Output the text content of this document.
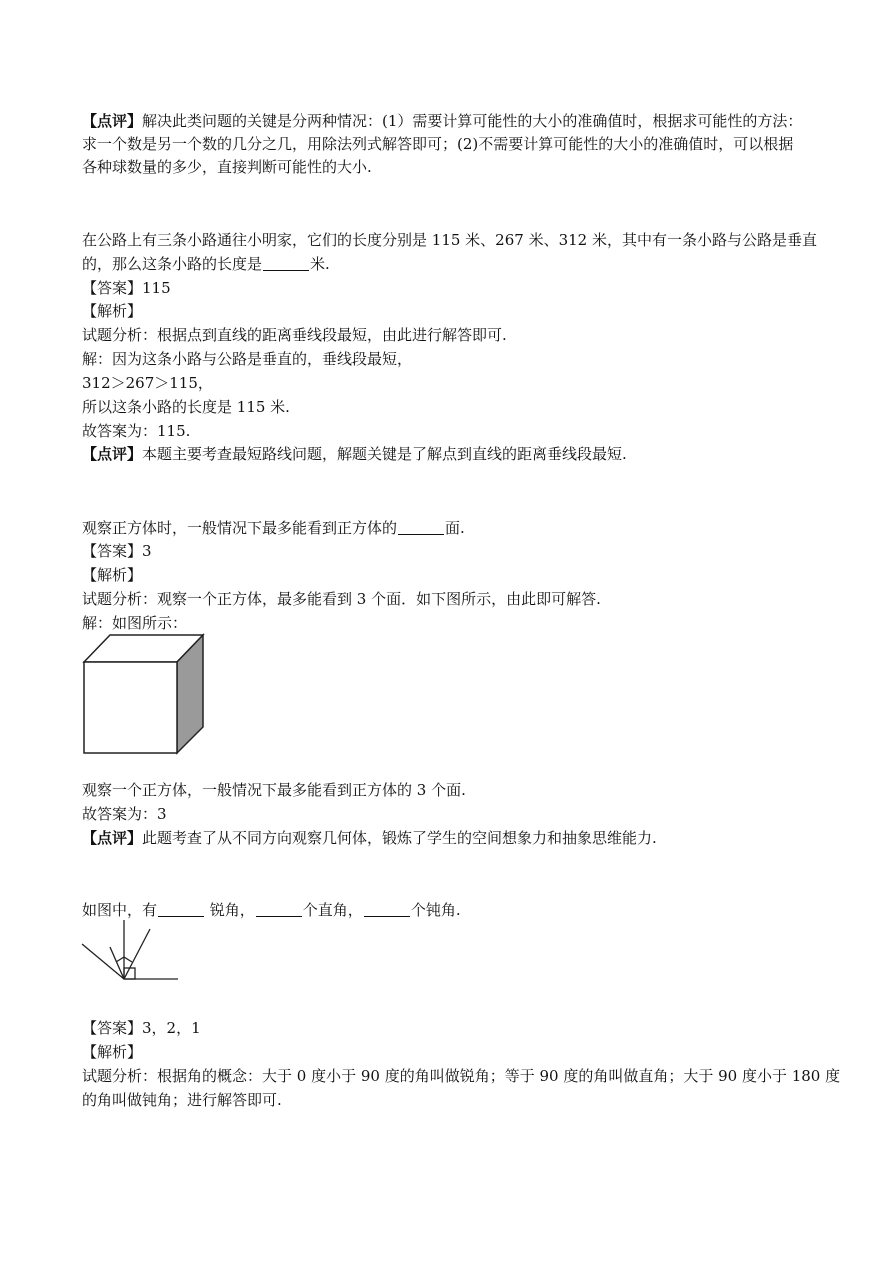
【点评】解决此类问题的关键是分两种情况：(1）需要计算可能性的大小的准确值时，根据求可能性的方法：
求一个数是另一个数的几分之几，用除法列式解答即可；(2)不需要计算可能性的大小的准确值时，可以根据
各种球数量的多少，直接判断可能性的大小.
在公路上有三条小路通往小明家，它们的长度分别是 115 米、267 米、312 米，其中有一条小路与公路是垂直
的，那么这条小路的长度是	米.
【答案】115
【解析】
试题分析：根据点到直线的距离垂线段最短，由此进行解答即可.
解：因为这条小路与公路是垂直的，垂线段最短，
312＞267＞115，
所以这条小路的长度是 115 米.
故答案为：115.
【点评】本题主要考查最短路线问题，解题关键是了解点到直线的距离垂线段最短.
观察正方体时，一般情况下最多能看到正方体的	面.
【答案】3
【解析】
试题分析：观察一个正方体，最多能看到 3 个面．如下图所示，由此即可解答.
解：如图所示：
观察一个正方体，一般情况下最多能看到正方体的 3 个面.
故答案为：3
【点评】此题考查了从不同方向观察几何体，锻炼了学生的空间想象力和抽象思维能力.
如图中，有	锐角，	个直角，	个钝角.
【答案】3，2，1
【解析】
试题分析：根据角的概念：大于 0 度小于 90 度的角叫做锐角；等于 90 度的角叫做直角；大于 90 度小于 180 度
的角叫做钝角；进行解答即可.
